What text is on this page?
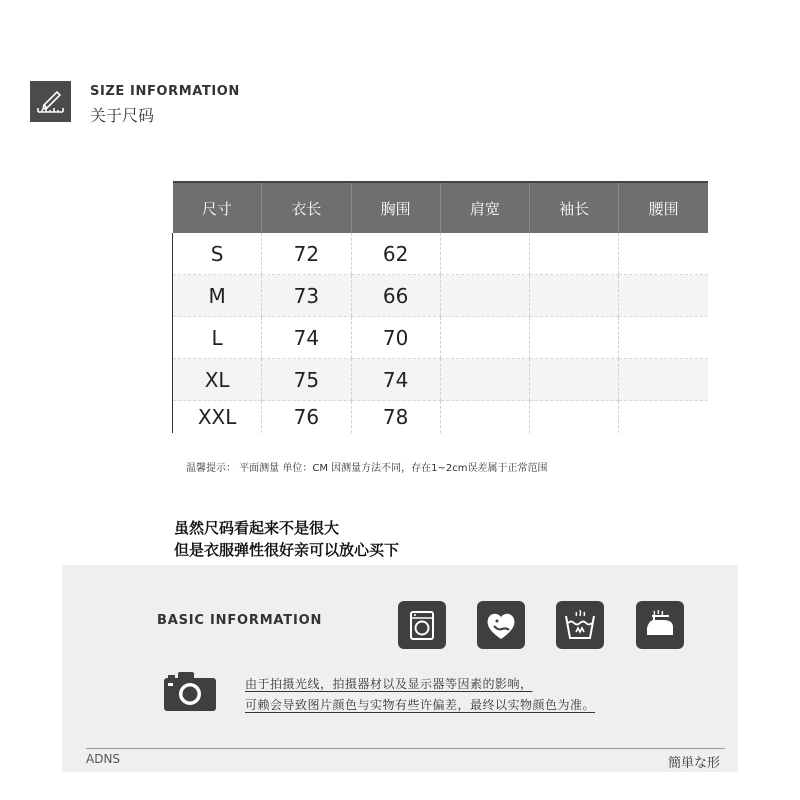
SIZE INFORMATION
关于尺码
尺寸	衣长	胸围	肩宽	袖长	腰围
S	72	62			
M	73	66			
L	74	70			
XL	75	74			
XXL	76	78			
温馨提示： 平面测量 单位：CM 因测量方法不同，存在1~2cm误差属于正常范围
虽然尺码看起来不是很大
但是衣服弹性很好亲可以放心买下
BASIC INFORMATION
由于拍摄光线，拍摄器材以及显示器等因素的影响，
可赖会导致图片颜色与实物有些许偏差，最终以实物颜色为准。
ADNS	簡単な形
